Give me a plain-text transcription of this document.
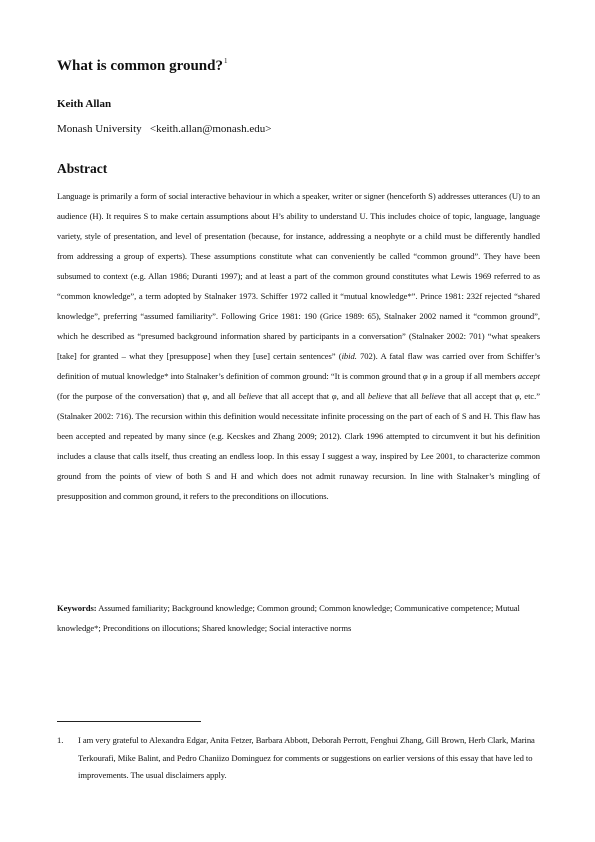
What is common ground?$^1$
Keith Allan
Monash University <keith.allan@monash.edu>
Abstract

Language is primarily a form of social interactive behaviour in which a speaker, writer or signer (henceforth S) addresses utterances (U) to an audience (H). It requires S to make certain assumptions about H’s ability to understand U. This includes choice of topic, language, language variety, style of presentation, and level of presentation (because, for instance, addressing a neophyte or a child must be differently handled from addressing a group of experts). These assumptions constitute what can conveniently be called “common ground”. They have been subsumed to context (e.g. Allan 1986; Duranti 1997); and at least a part of the common ground constitutes what Lewis 1969 referred to as “common knowledge”, a term adopted by Stalnaker 1973. Schiffer 1972 called it “mutual knowledge*”. Prince 1981: 232f rejected “shared knowledge”, preferring “assumed familiarity”. Following Grice 1981: 190 (Grice 1989: 65), Stalnaker 2002 named it “common ground”, which he described as “presumed background information shared by participants in a conversation” (Stalnaker 2002: 701) “what speakers [take] for granted – what they [presuppose] when they [use] certain sentences” (ibid. 702). A fatal flaw was carried over from Schiffer’s definition of mutual knowledge* into Stalnaker’s definition of common ground: “It is common ground that φ in a group if all members accept (for the purpose of the conversation) that φ, and all believe that all accept that φ, and all believe that all believe that all accept that φ, etc.” (Stalnaker 2002: 716). The recursion within this definition would necessitate infinite processing on the part of each of S and H. This flaw has been accepted and repeated by many since (e.g. Kecskes and Zhang 2009; 2012). Clark 1996 attempted to circumvent it but his definition includes a clause that calls itself, thus creating an endless loop. In this essay I suggest a way, inspired by Lee 2001, to characterize common ground from the points of view of both S and H and which does not admit runaway recursion. In line with Stalnaker’s mingling of presupposition and common ground, it refers to the preconditions on illocutions.

Keywords: Assumed familiarity; Background knowledge; Common ground; Common knowledge; Communicative competence; Mutual knowledge*; Preconditions on illocutions; Shared knowledge; Social interactive norms

1. I am very grateful to Alexandra Edgar, Anita Fetzer, Barbara Abbott, Deborah Perrott, Fenghui Zhang, Gill Brown, Herb Clark, Marina Terkourafi, Mike Balint, and Pedro Chaniizo Dominguez for comments or suggestions on earlier versions of this essay that have led to improvements. The usual disclaimers apply.
